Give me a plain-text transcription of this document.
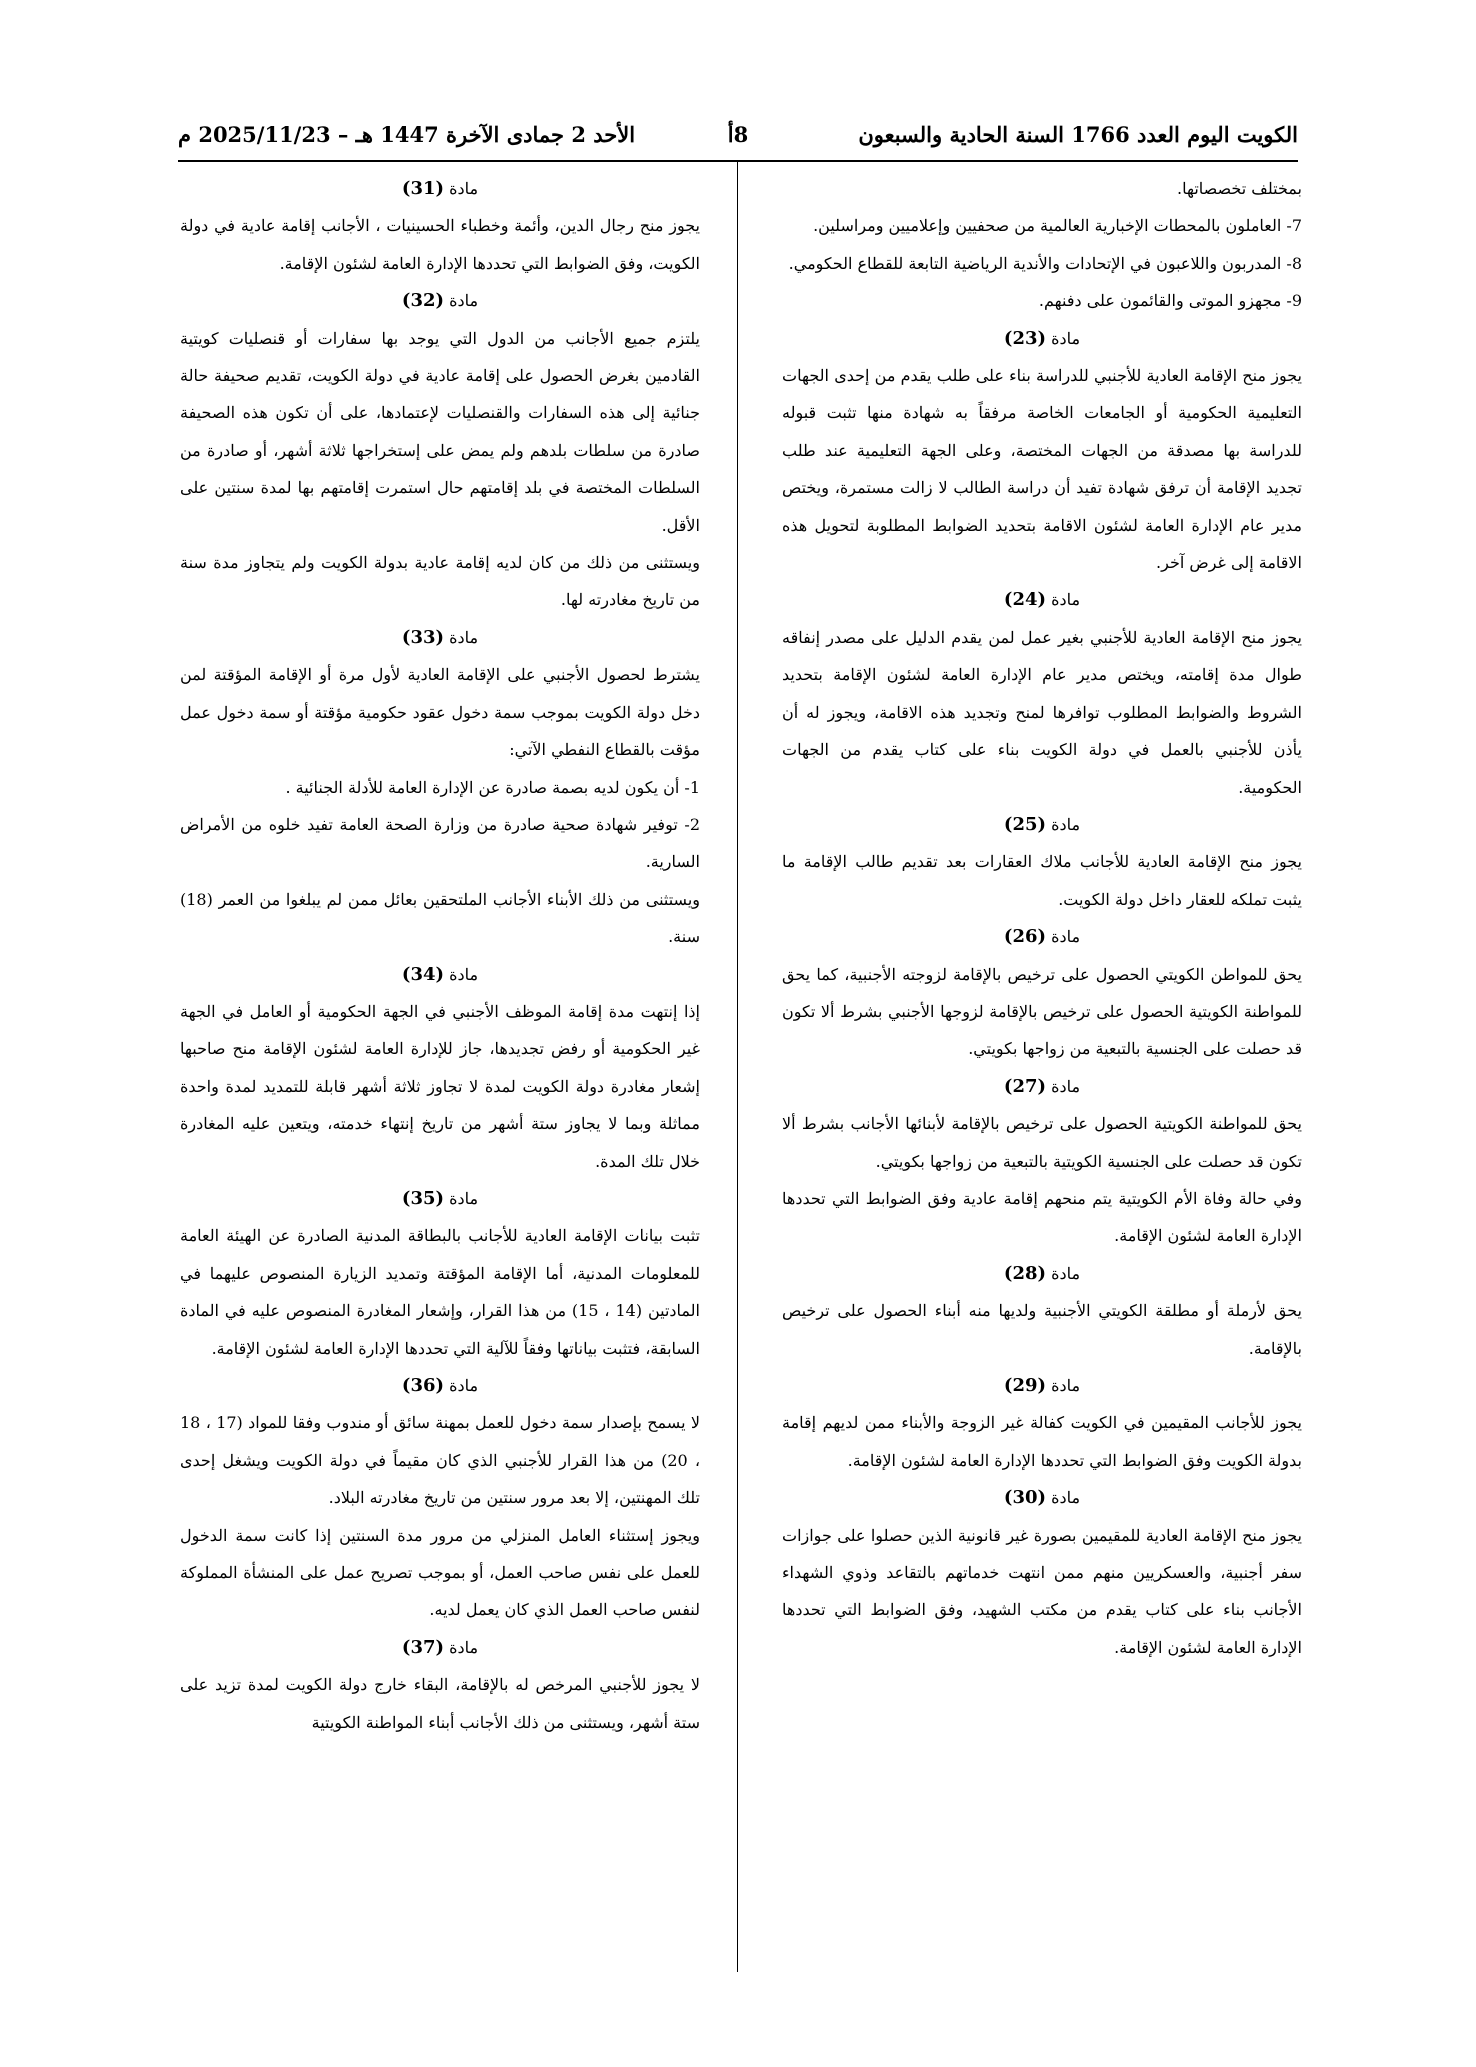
الكويت اليوم العدد 1766 السنة الحادية والسبعون
8أ
الأحد 2 جمادى الآخرة 1447 هـ – 2025/11/23 م

بمختلف تخصصاتها.

7- العاملون بالمحطات الإخبارية العالمية من صحفيين وإعلاميين ومراسلين.

8- المدربون واللاعبون في الإتحادات والأندية الرياضية التابعة للقطاع الحكومي.

9- مجهزو الموتى والقائمون على دفنهم.

مادة (23)

يجوز منح الإقامة العادية للأجنبي للدراسة بناء على طلب يقدم من إحدى الجهات التعليمية الحكومية أو الجامعات الخاصة مرفقاً به شهادة منها تثبت قبوله للدراسة بها مصدقة من الجهات المختصة، وعلى الجهة التعليمية عند طلب تجديد الإقامة أن ترفق شهادة تفيد أن دراسة الطالب لا زالت مستمرة، ويختص مدير عام الإدارة العامة لشئون الاقامة بتحديد الضوابط المطلوبة لتحويل هذه الاقامة إلى غرض آخر.

مادة (24)

يجوز منح الإقامة العادية للأجنبي بغير عمل لمن يقدم الدليل على مصدر إنفاقه طوال مدة إقامته، ويختص مدير عام الإدارة العامة لشئون الإقامة بتحديد الشروط والضوابط المطلوب توافرها لمنح وتجديد هذه الاقامة، ويجوز له أن يأذن للأجنبي بالعمل في دولة الكويت بناء على كتاب يقدم من الجهات الحكومية.

مادة (25)

يجوز منح الإقامة العادية للأجانب ملاك العقارات بعد تقديم طالب الإقامة ما يثبت تملكه للعقار داخل دولة الكويت.

مادة (26)

يحق للمواطن الكويتي الحصول على ترخيص بالإقامة لزوجته الأجنبية، كما يحق للمواطنة الكويتية الحصول على ترخيص بالإقامة لزوجها الأجنبي بشرط ألا تكون قد حصلت على الجنسية بالتبعية من زواجها بكويتي.

مادة (27)

يحق للمواطنة الكويتية الحصول على ترخيص بالإقامة لأبنائها الأجانب بشرط ألا تكون قد حصلت على الجنسية الكويتية بالتبعية من زواجها بكويتي.

وفي حالة وفاة الأم الكويتية يتم منحهم إقامة عادية وفق الضوابط التي تحددها الإدارة العامة لشئون الإقامة.

مادة (28)

يحق لأرملة أو مطلقة الكويتي الأجنبية ولديها منه أبناء الحصول على ترخيص بالإقامة.

مادة (29)

يجوز للأجانب المقيمين في الكويت كفالة غير الزوجة والأبناء ممن لديهم إقامة بدولة الكويت وفق الضوابط التي تحددها الإدارة العامة لشئون الإقامة.

مادة (30)

يجوز منح الإقامة العادية للمقيمين بصورة غير قانونية الذين حصلوا على جوازات سفر أجنبية، والعسكريين منهم ممن انتهت خدماتهم بالتقاعد وذوي الشهداء الأجانب بناء على كتاب يقدم من مكتب الشهيد، وفق الضوابط التي تحددها الإدارة العامة لشئون الإقامة.

مادة (31)

يجوز منح رجال الدين، وأئمة وخطباء الحسينيات ، الأجانب إقامة عادية في دولة الكويت، وفق الضوابط التي تحددها الإدارة العامة لشئون الإقامة.

مادة (32)

يلتزم جميع الأجانب من الدول التي يوجد بها سفارات أو قنصليات كويتية القادمين بغرض الحصول على إقامة عادية في دولة الكويت، تقديم صحيفة حالة جنائية إلى هذه السفارات والقنصليات لإعتمادها، على أن تكون هذه الصحيفة صادرة من سلطات بلدهم ولم يمض على إستخراجها ثلاثة أشهر، أو صادرة من السلطات المختصة في بلد إقامتهم حال استمرت إقامتهم بها لمدة سنتين على الأقل.

ويستثنى من ذلك من كان لديه إقامة عادية بدولة الكويت ولم يتجاوز مدة سنة من تاريخ مغادرته لها.

مادة (33)

يشترط لحصول الأجنبي على الإقامة العادية لأول مرة أو الإقامة المؤقتة لمن دخل دولة الكويت بموجب سمة دخول عقود حكومية مؤقتة أو سمة دخول عمل مؤقت بالقطاع النفطي الآتي:

1- أن يكون لديه بصمة صادرة عن الإدارة العامة للأدلة الجنائية .

2- توفير شهادة صحية صادرة من وزارة الصحة العامة تفيد خلوه من الأمراض السارية.

ويستثنى من ذلك الأبناء الأجانب الملتحقين بعائل ممن لم يبلغوا من العمر (18) سنة.

مادة (34)

إذا إنتهت مدة إقامة الموظف الأجنبي في الجهة الحكومية أو العامل في الجهة غير الحكومية أو رفض تجديدها، جاز للإدارة العامة لشئون الإقامة منح صاحبها إشعار مغادرة دولة الكويت لمدة لا تجاوز ثلاثة أشهر قابلة للتمديد لمدة واحدة مماثلة وبما لا يجاوز ستة أشهر من تاريخ إنتهاء خدمته، ويتعين عليه المغادرة خلال تلك المدة.

مادة (35)

تثبت بيانات الإقامة العادية للأجانب بالبطاقة المدنية الصادرة عن الهيئة العامة للمعلومات المدنية، أما الإقامة المؤقتة وتمديد الزيارة المنصوص عليهما في المادتين (14 ، 15) من هذا القرار، وإشعار المغادرة المنصوص عليه في المادة السابقة، فتثبت بياناتها وفقاً للآلية التي تحددها الإدارة العامة لشئون الإقامة.

مادة (36)

لا يسمح بإصدار سمة دخول للعمل بمهنة سائق أو مندوب وفقا للمواد (17 ، 18 ، 20) من هذا القرار للأجنبي الذي كان مقيماً في دولة الكويت ويشغل إحدى تلك المهنتين، إلا بعد مرور سنتين من تاريخ مغادرته البلاد.

ويجوز إستثناء العامل المنزلي من مرور مدة السنتين إذا كانت سمة الدخول للعمل على نفس صاحب العمل، أو بموجب تصريح عمل على المنشأة المملوكة لنفس صاحب العمل الذي كان يعمل لديه.

مادة (37)

لا يجوز للأجنبي المرخص له بالإقامة، البقاء خارج دولة الكويت لمدة تزيد على ستة أشهر، ويستثنى من ذلك الأجانب أبناء المواطنة الكويتية
